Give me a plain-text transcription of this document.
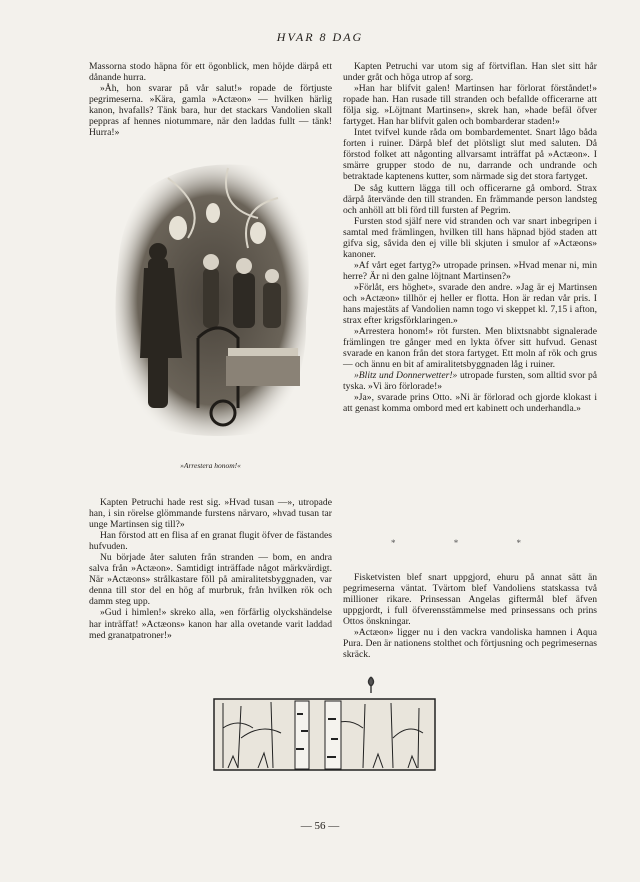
HVAR 8 DAG

Massorna stodo häpna för ett ögonblick, men höjde därpå ett dånande hurra.

»Åh, hon svarar på vår salut!» ropade de förtjuste pegrimeserna. »Kära, gamla »Actæon» — hvilken härlig kanon, hvafalls? Tänk bara, hur det stackars Vandolien skall peppras af hennes niotummare, när den laddas fullt — tänk! Hurra!»

»Arrestera honom!«

Kapten Petruchi hade rest sig. »Hvad tusan —», utropade han, i sin rörelse glömmande furstens närvaro, »hvad tusan tar unge Martinsen sig till?»

Han förstod att en flisa af en granat flugit öfver de fästandes hufvuden.

Nu började åter saluten från stranden — bom, en andra salva från »Actæon». Samtidigt inträffade något märkvärdigt. När »Actæons» strålkastare föll på amiralitetsbyggnaden, var denna till stor del en hög af murbruk, från hvilken rök och damm steg upp.

»Gud i himlen!» skreko alla, »en förfärlig olyckshändelse har inträffat! »Actæons» kanon har alla ovetande varit laddad med granatpatroner!»

Kapten Petruchi var utom sig af förtviflan. Han slet sitt hår under gråt och höga utrop af sorg.

»Han har blifvit galen! Martinsen har förlorat förståndet!» ropade han. Han rusade till stranden och befallde officerarne att följa sig. »Löjtnant Martinsen», skrek han, »hade befäl öfver fartyget. Han har blifvit galen och bombarderar staden!»

Intet tvifvel kunde råda om bombardementet. Snart lågo båda forten i ruiner. Därpå blef det plötsligt slut med saluten. Då förstod folket att någonting allvarsamt inträffat på »Actæon». I smärre grupper stodo de nu, darrande och undrande och betraktade kaptenens kutter, som närmade sig det stora fartyget.

De såg kuttern lägga till och officerarne gå ombord. Strax därpå återvände den till stranden. En främmande person landsteg och anhöll att bli förd till fursten af Pegrim.

Fursten stod själf nere vid stranden och var snart inbegripen i samtal med främlingen, hvilken till hans häpnad bjöd staden att gifva sig, såvida den ej ville bli skjuten i smulor af »Actæons» kanoner.

»Af vårt eget fartyg?» utropade prinsen. »Hvad menar ni, min herre? Är ni den galne löjtnant Martinsen?»

»Förlåt, ers höghet», svarade den andre. »Jag är ej Martinsen och »Actæon» tillhör ej heller er flotta. Hon är redan vår pris. I hans majestäts af Vandolien namn togo vi skeppet kl. 7,15 i afton, strax efter krigsförklaringen.»

»Arrestera honom!» röt fursten. Men blixtsnabbt signalerade främlingen tre gånger med en lykta öfver sitt hufvud. Genast svarade en kanon från det stora fartyget. Ett moln af rök och grus — och ännu en bit af amiralitetsbyggnaden låg i ruiner.

»Blitz und Donnerwetter!» utropade fursten, som alltid svor på tyska. »Vi äro förlorade!»

»Ja», svarade prins Otto. »Ni är förlorad och gjorde klokast i att genast komma ombord med ert kabinett och underhandla.»

* * *

Fisketvisten blef snart uppgjord, ehuru på annat sätt än pegrimeserna väntat. Tvärtom blef Vandoliens statskassa två millioner rikare. Prinsessan Angelas giftermål blef äfven uppgjordt, i full öfverensstämmelse med prinsessans och prins Ottos önskningar.

»Actæon» ligger nu i den vackra vandoliska hamnen i Aqua Pura. Den är nationens stolthet och förtjusning och pegrimesernas skräck.

— 56 —
